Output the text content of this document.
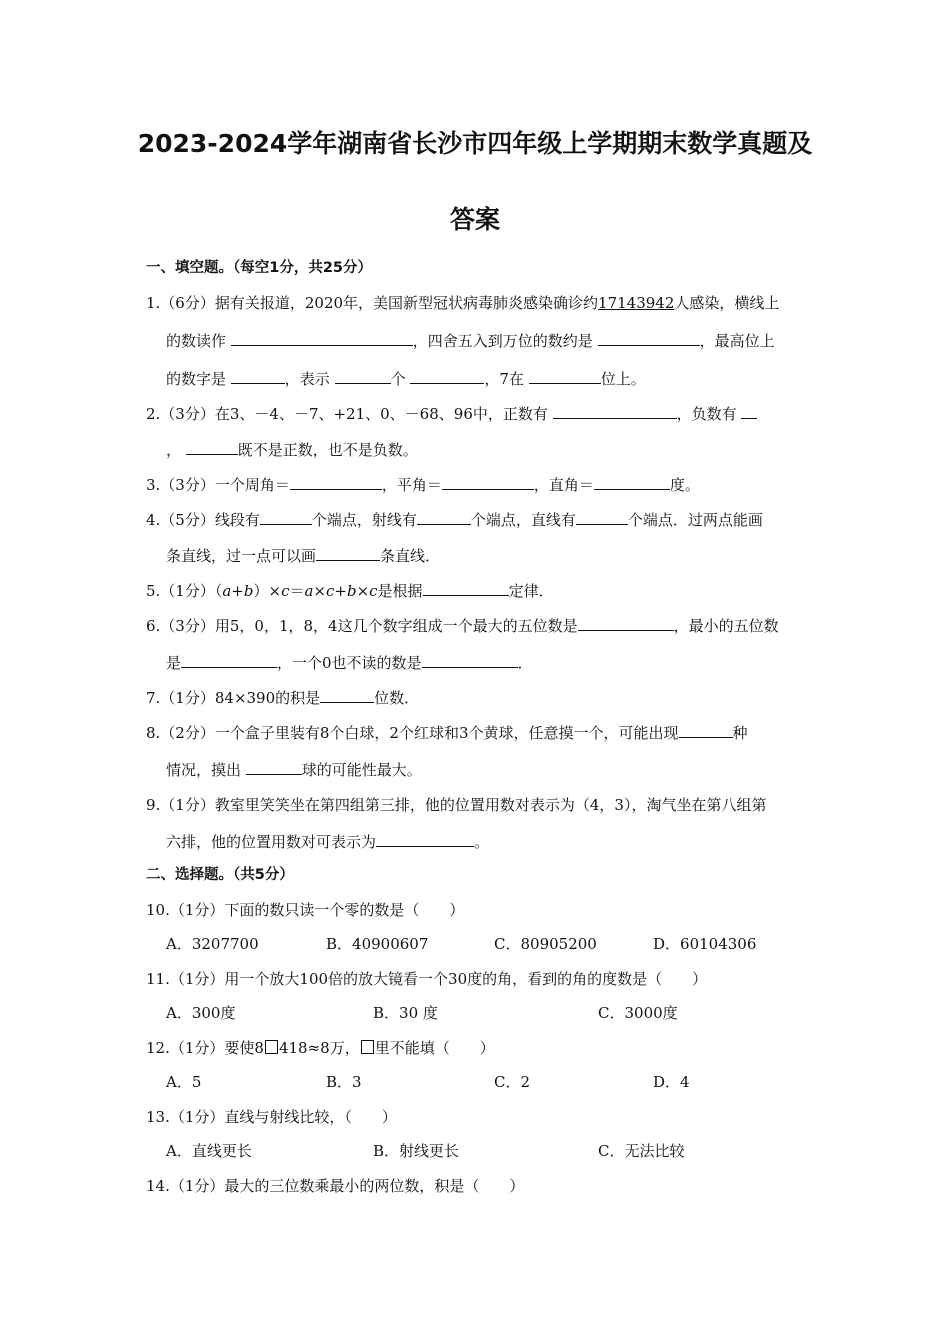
2023-2024学年湖南省长沙市四年级上学期期末数学真题及
答案
一、填空题。（每空1分，共25分）
1.（6分）据有关报道，2020年，美国新型冠状病毒肺炎感染确诊约17143942人感染，横线上
的数读作	，四舍五入到万位的数约是	，最高位上
的数字是	，表示	个	，7在	位上。
2.（3分）在3、－4、－7、+21、0、－68、96中，正数有	，负数有
，	既不是正数，也不是负数。
3.（3分）一个周角＝	，平角＝	，直角＝	度。
4.（5分）线段有	个端点，射线有	个端点，直线有	个端点．过两点能画
条直线，过一点可以画	条直线．
5.（1分）（a+b）×c＝a×c+b×c是根据	定律．
6.（3分）用5，0，1，8，4这几个数字组成一个最大的五位数是	，最小的五位数
是	，一个0也不读的数是	．
7.（1分）84×390的积是	位数．
8.（2分）一个盒子里装有8个白球，2个红球和3个黄球，任意摸一个，可能出现	种
情况，摸出	球的可能性最大。
9.（1分）教室里笑笑坐在第四组第三排，他的位置用数对表示为（4，3），淘气坐在第八组第
六排，他的位置用数对可表示为	。
二、选择题。（共5分）
10.（1分）下面的数只读一个零的数是（　　）
A．3207700	B．40900607	C．80905200	D．60104306
11.（1分）用一个放大100倍的放大镜看一个30度的角，看到的角的度数是（　　）
A．300度	B．30 度	C．3000度
12.（1分）要使8 418≈8万， 里不能填（　　）
A．5	B．3	C．2	D．4
13.（1分）直线与射线比较，（　　）
A．直线更长	B．射线更长	C．无法比较
14.（1分）最大的三位数乘最小的两位数，积是（　　）
